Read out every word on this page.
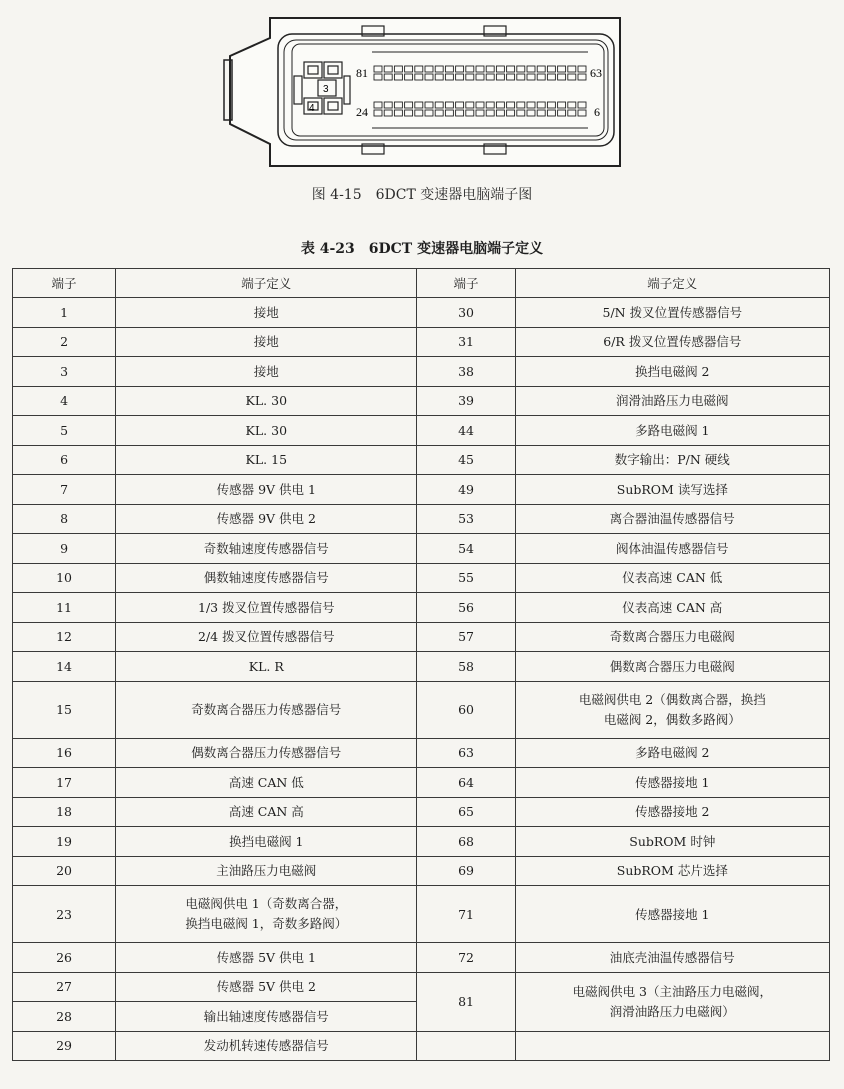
3
4
81	63
24	6
图 4-15　6DCT 变速器电脑端子图
表 4-23　6DCT 变速器电脑端子定义
端子	端子定义	端子	端子定义
1	接地	30	5/N 拨叉位置传感器信号
2	接地	31	6/R 拨叉位置传感器信号
3	接地	38	换挡电磁阀 2
4	KL. 30	39	润滑油路压力电磁阀
5	KL. 30	44	多路电磁阀 1
6	KL. 15	45	数字输出：P/N 硬线
7	传感器 9V 供电 1	49	SubROM 读写选择
8	传感器 9V 供电 2	53	离合器油温传感器信号
9	奇数轴速度传感器信号	54	阀体油温传感器信号
10	偶数轴速度传感器信号	55	仪表高速 CAN 低
11	1/3 拨叉位置传感器信号	56	仪表高速 CAN 高
12	2/4 拨叉位置传感器信号	57	奇数离合器压力电磁阀
14	KL. R	58	偶数离合器压力电磁阀
15	奇数离合器压力传感器信号	60	电磁阀供电 2（偶数离合器，换挡
电磁阀 2，偶数多路阀）

16	偶数离合器压力传感器信号	63	多路电磁阀 2
17	高速 CAN 低	64	传感器接地 1
18	高速 CAN 高	65	传感器接地 2
19	换挡电磁阀 1	68	SubROM 时钟
20	主油路压力电磁阀	69	SubROM 芯片选择
23	电磁阀供电 1（奇数离合器，
换挡电磁阀 1，奇数多路阀）	71	传感器接地 1
26	传感器 5V 供电 1	72	油底壳油温传感器信号
27	传感器 5V 供电 2	81	电磁阀供电 3（主油路压力电磁阀，
润滑油路压力电磁阀）

28	输出轴速度传感器信号		
29	发动机转速传感器信号		
